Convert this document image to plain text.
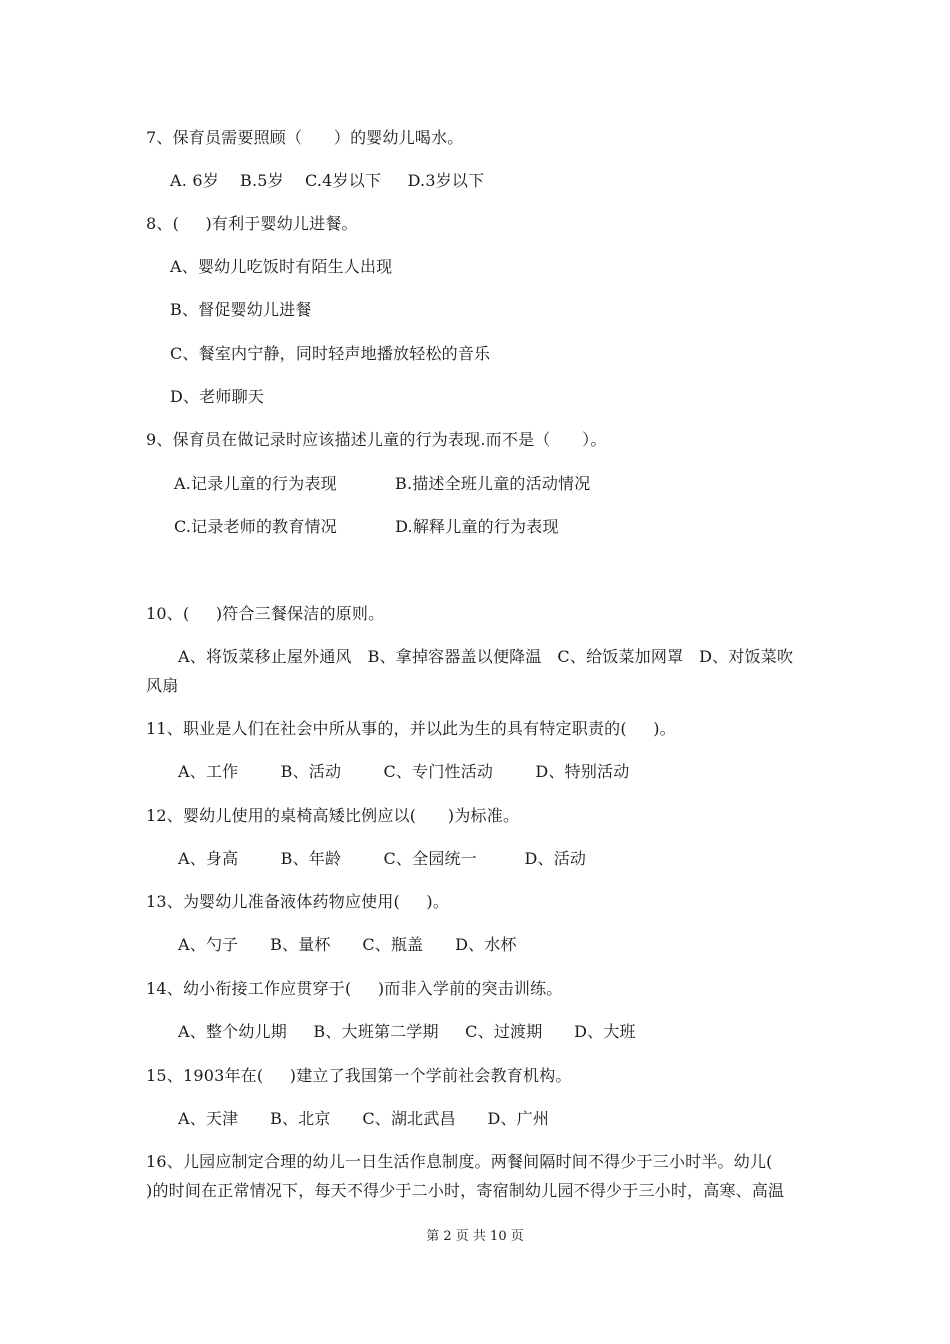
7、保育员需要照顾（      ）的婴幼儿喝水。
A. 6岁    B.5岁    C.4岁以下     D.3岁以下
8、(     )有利于婴幼儿进餐。
A、婴幼儿吃饭时有陌生人出现
B、督促婴幼儿进餐
C、餐室内宁静，同时轻声地播放轻松的音乐
D、老师聊天
9、保育员在做记录时应该描述儿童的行为表现.而不是（      ）。
A.记录儿童的行为表现           B.描述全班儿童的活动情况
C.记录老师的教育情况           D.解释儿童的行为表现
10、(     )符合三餐保洁的原则。
A、将饭菜移止屋外通风   B、拿掉容器盖以便降温   C、给饭菜加网罩   D、对饭菜吹
风扇
11、职业是人们在社会中所从事的，并以此为生的具有特定职责的(     )。
A、工作        B、活动        C、专门性活动        D、特别活动
12、婴幼儿使用的桌椅高矮比例应以(      )为标准。
A、身高        B、年龄        C、全园统一         D、活动
13、为婴幼儿准备液体药物应使用(     )。
A、勺子      B、量杯      C、瓶盖      D、水杯
14、幼小衔接工作应贯穿于(     )而非入学前的突击训练。
A、整个幼儿期     B、大班第二学期     C、过渡期      D、大班
15、1903年在(     )建立了我国第一个学前社会教育机构。
A、天津      B、北京      C、湖北武昌      D、广州
16、儿园应制定合理的幼儿一日生活作息制度。两餐间隔时间不得少于三小时半。幼儿(
)的时间在正常情况下，每天不得少于二小时，寄宿制幼儿园不得少于三小时，高寒、高温
第 2 页 共 10 页
